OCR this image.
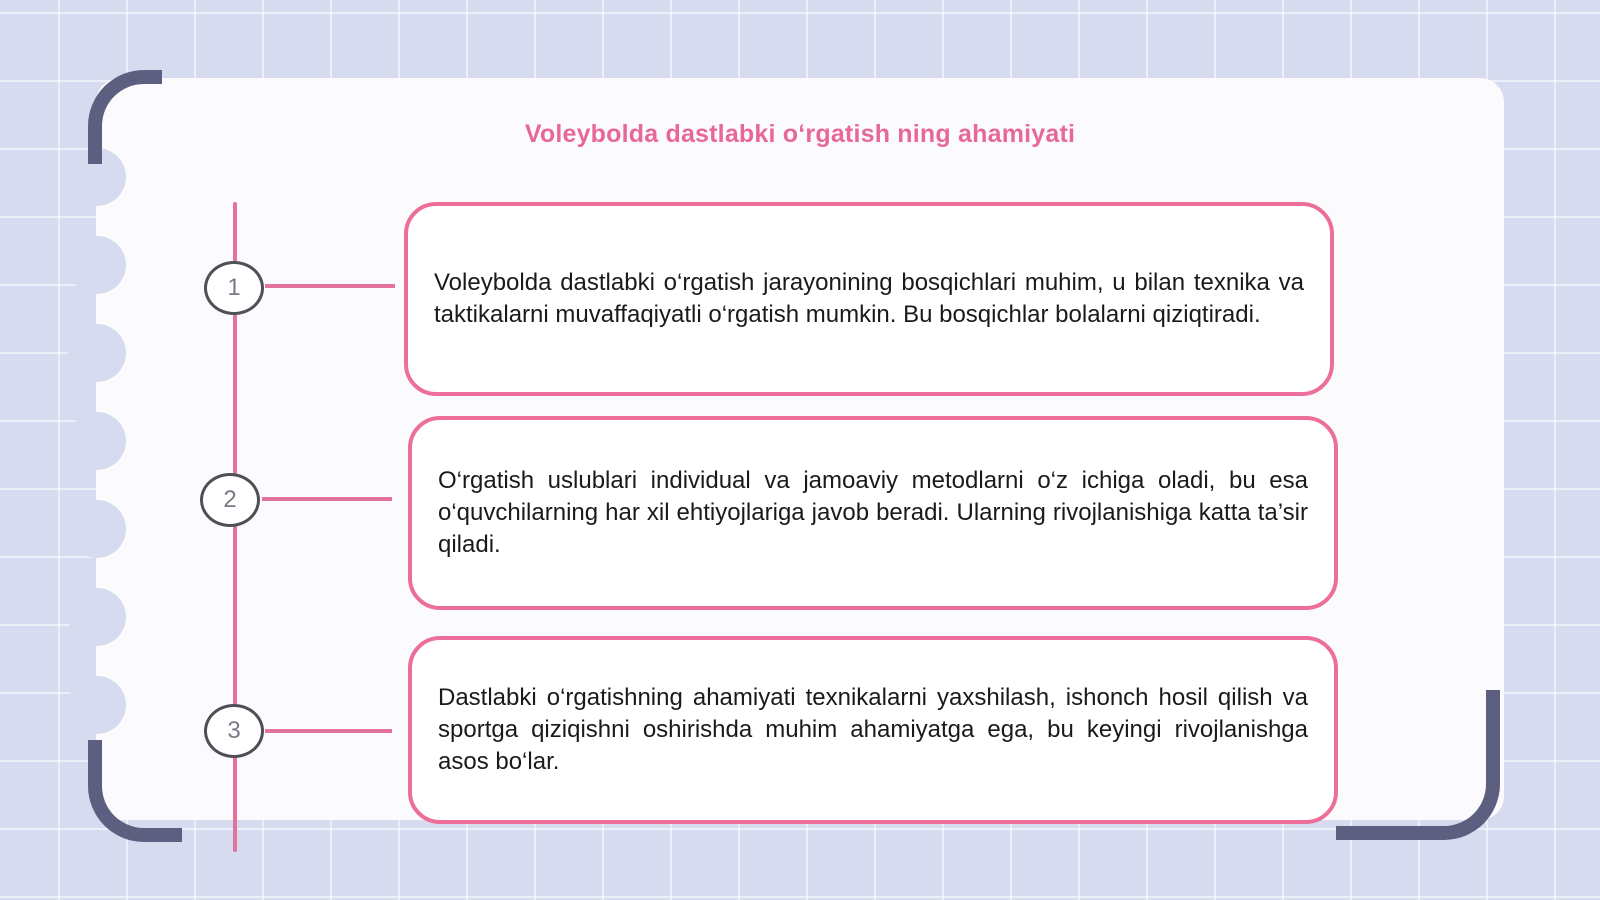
Voleybolda dastlabki o‘rgatish ning ahamiyati
1	Voleybolda dastlabki o‘rgatish jarayonining bosqichlari muhim, u bilan texnika va taktikalarni muvaffaqiyatli o‘rgatish mumkin. Bu bosqichlar bolalarni qiziqtiradi.
2
O‘rgatish uslublari individual va jamoaviy metodlarni o‘z ichiga oladi, bu esa o‘quvchilarning har xil ehtiyojlariga javob beradi. Ularning rivojlanishiga katta ta’sir qiladi.
3
Dastlabki o‘rgatishning ahamiyati texnikalarni yaxshilash, ishonch hosil qilish va sportga qiziqishni oshirishda muhim ahamiyatga ega, bu keyingi rivojlanishga asos bo‘lar.
